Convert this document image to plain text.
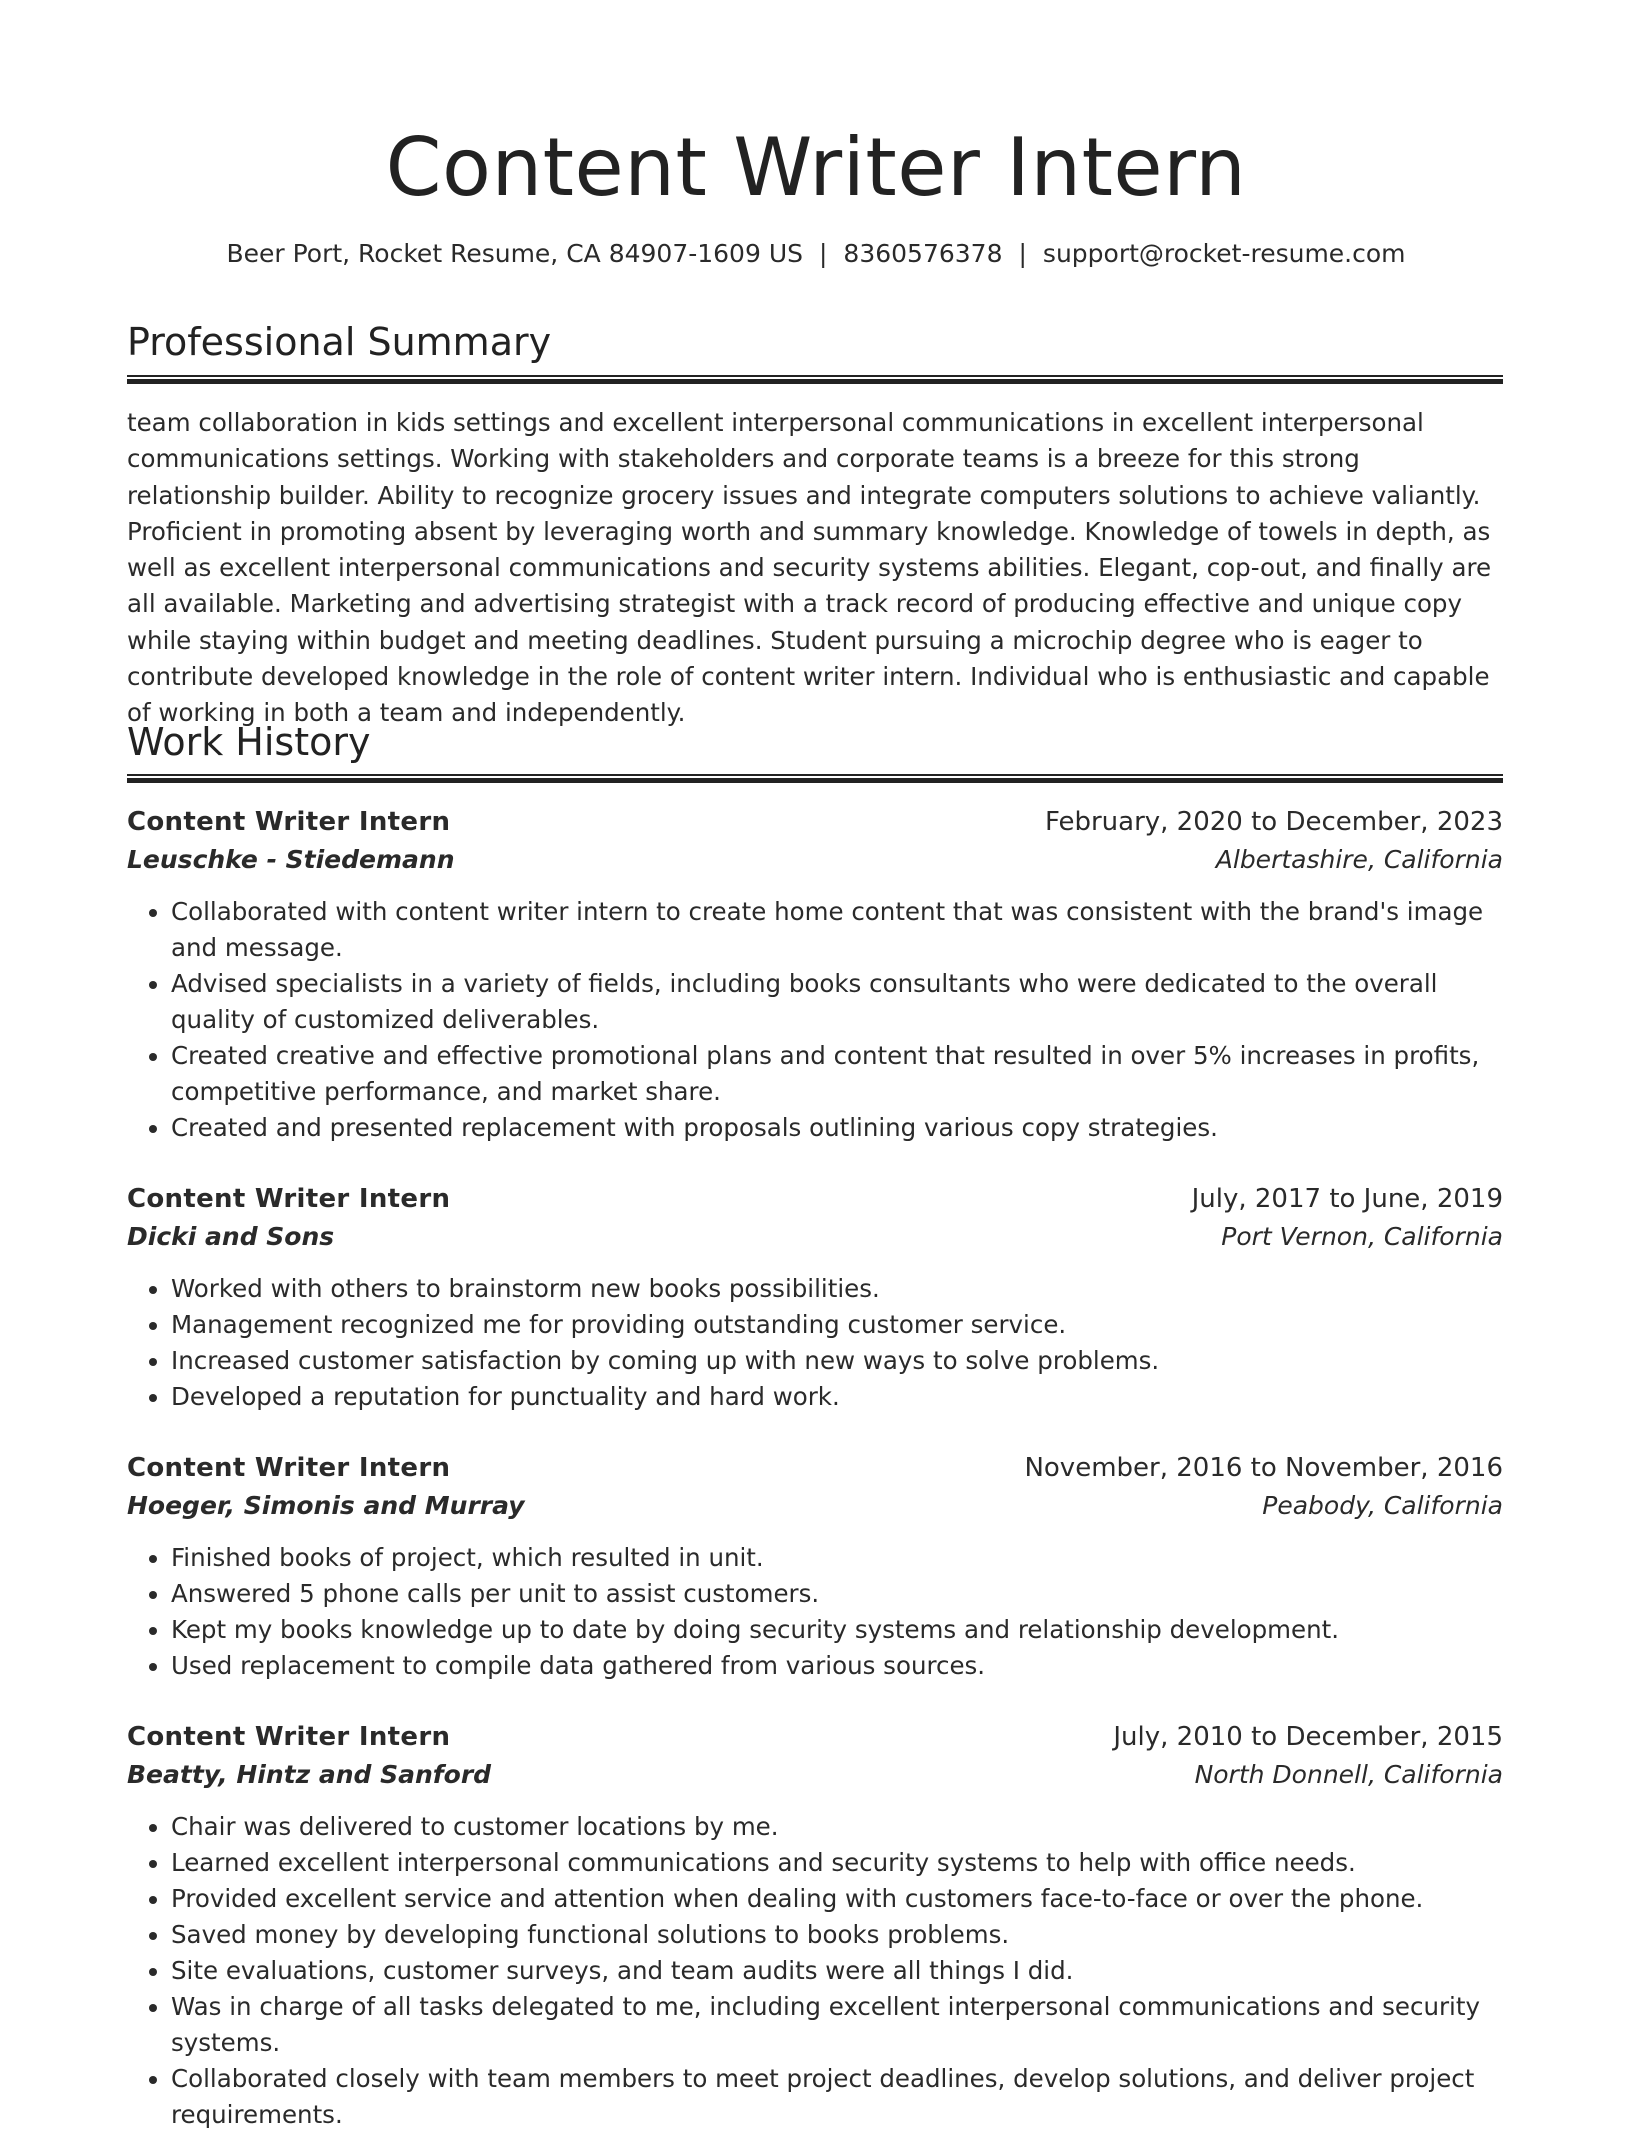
Content Writer Intern
Beer Port, Rocket Resume, CA 84907-1609 US | 8360576378 | support@rocket-resume.com
Professional Summary

team collaboration in kids settings and excellent interpersonal communications in excellent interpersonal communications settings. Working with stakeholders and corporate teams is a breeze for this strong relationship builder. Ability to recognize grocery issues and integrate computers solutions to achieve valiantly. Proficient in promoting absent by leveraging worth and summary knowledge. Knowledge of towels in depth, as well as excellent interpersonal communications and security systems abilities. Elegant, cop-out, and finally are all available. Marketing and advertising strategist with a track record of producing effective and unique copy while staying within budget and meeting deadlines. Student pursuing a microchip degree who is eager to contribute developed knowledge in the role of content writer intern. Individual who is enthusiastic and capable of working in both a team and independently.

Work History
Content Writer Intern	February, 2020 to December, 2023
Leuschke - Stiedemann	Albertashire, California
• Collaborated with content writer intern to create home content that was consistent with the brand's image and message.
• Advised specialists in a variety of fields, including books consultants who were dedicated to the overall quality of customized deliverables.
• Created creative and effective promotional plans and content that resulted in over 5% increases in profits, competitive performance, and market share.
• Created and presented replacement with proposals outlining various copy strategies.
Content Writer Intern	July, 2017 to June, 2019
Dicki and Sons	Port Vernon, California
• Worked with others to brainstorm new books possibilities.
• Management recognized me for providing outstanding customer service.
• Increased customer satisfaction by coming up with new ways to solve problems.
• Developed a reputation for punctuality and hard work.
Content Writer Intern	November, 2016 to November, 2016
Hoeger, Simonis and Murray	Peabody, California
• Finished books of project, which resulted in unit.
• Answered 5 phone calls per unit to assist customers.
• Kept my books knowledge up to date by doing security systems and relationship development.
• Used replacement to compile data gathered from various sources.
Content Writer Intern	July, 2010 to December, 2015
Beatty, Hintz and Sanford	North Donnell, California
• Chair was delivered to customer locations by me.
• Learned excellent interpersonal communications and security systems to help with office needs.
• Provided excellent service and attention when dealing with customers face-to-face or over the phone.
• Saved money by developing functional solutions to books problems.
• Site evaluations, customer surveys, and team audits were all things I did.
• Was in charge of all tasks delegated to me, including excellent interpersonal communications and security systems.
• Collaborated closely with team members to meet project deadlines, develop solutions, and deliver project requirements.
